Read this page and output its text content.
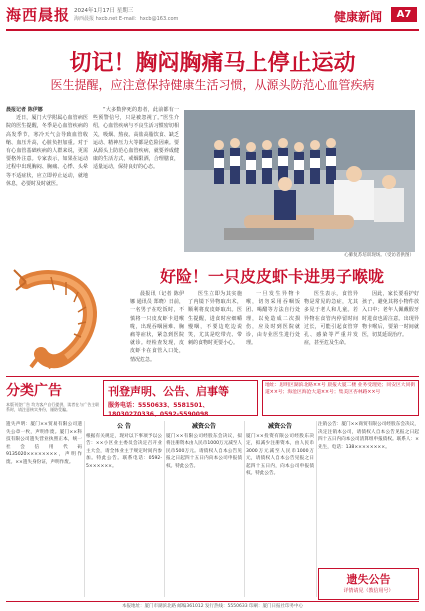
海西晨报 2024年1月17日 星期三
海西晨报 hxcb.net E-mail：hxcb@163.com	健康新闻	A7
切记！胸闷胸痛马上停止运动
医生提醒，应注意保持健康生活习惯，从源头防范心血管疾病

晨报记者 陈伊娜

近日，厦门大学附属心血管病医院的医生提醒，冬季是心血管疾病的高发季节，寒冷天气会导致血管收缩、血压升高，心脏负担加重。对于有心血管基础疾病的人群来说，更需要格外注意。专家表示，如果在运动过程中出现胸闷、胸痛、心悸、头晕等不适症状，应立即停止运动，就地休息，必要时及时就医。

“大多数猝死的患者，此前都有一些预警信号，只是被忽视了。”医生介绍，心血管疾病与不良生活习惯密切相关，吸烟、熬夜、高盐高脂饮食、缺乏运动、精神压力大等都是危险因素。要从源头上防范心血管疾病，就要养成健康的生活方式，戒烟限酒，合理膳食，适量运动，保持良好的心态。

心肺复苏培训现场。（受访者供图）
好险！一只皮皮虾卡进男子喉咙

晨报讯（记者 陈伊娜 通讯员 郑晓）日前，一名男子在吃饭时，不慎将一只皮皮虾卡进喉咙，出现吞咽困难、胸痛等症状，紧急到医院就诊。经检查发现，皮皮虾卡在食管入口处，情况危急。

医生立即为其实施了内镜下异物取出术，顺利将皮皮虾取出。医生提醒，进食时应细嚼慢咽，不要边吃边说笑，尤其是吃带壳、带刺的食物时更要小心。

一旦发生异物卡喉，切勿采用吞咽饭团、喝醋等方法自行处理，以免造成二次损伤，应及时到医院就诊，由专业医生进行处理。

医生表示，食管异物是常见的急症，尤其多见于老人和儿童。若异物在食管内停留时间过长，可能引起食管穿孔、感染等严重并发症，甚至危及生命。

因此，家长要看护好孩子，避免其将小物件放入口中；老年人佩戴假牙时进食也需注意。出现异物卡喉后，要第一时间就医，切莫延误治疗。

分类广告
本版刊登广告 均为客户自行提供，读者在与广告主联系时，请注意核实身份，谨防受骗。
刊登声明、公告、启事等
服务电话：5550633、5581501、18030270336、0592-5590098
地址：思明区湖滨北路××号 晨报大厦二楼 业务受理处；同安区大同街道××号；海沧区海沧大道××号；集美区杏林路××号
遗失声明：厦门××贸易有限公司遗失公章一枚，声明作废。厦门××科技有限公司遗失营业执照正本，统一社会信用代码9135020××××××××，声明作废。××遗失身份证，声明作废。
公 告
根据有关规定，现对以下事项予以公告：××小区业主委员会决定召开业主大会，请全体业主于规定时间内参加。特此公告。联系电话：0592-5××××××。
减资公告
厦门××有限公司经股东会决议，拟将注册资本由人民币1000万元减至人民币500万元。请债权人自本公告见报之日起四十五日内向本公司申报债权。特此公告。
减资公告
厦门××投资有限公司经股东决定，拟减少注册资本，由人民币3000万元减至人民币1000万元，请债权人自本公告见报之日起四十五日内，向本公司申报债权。特此公告。
注销公告：厦门××商贸有限公司经股东会决议，决定注销本公司，请债权人自本公告见报之日起四十五日内向本公司清算组申报债权。联系人：×先生，电话：138××××××××。
遗失公告
详情请见（教信用号）
本报地址：厦门市湖滨北路 邮编361012 发行热线：5550633 印刷：厦门日报社印务中心
